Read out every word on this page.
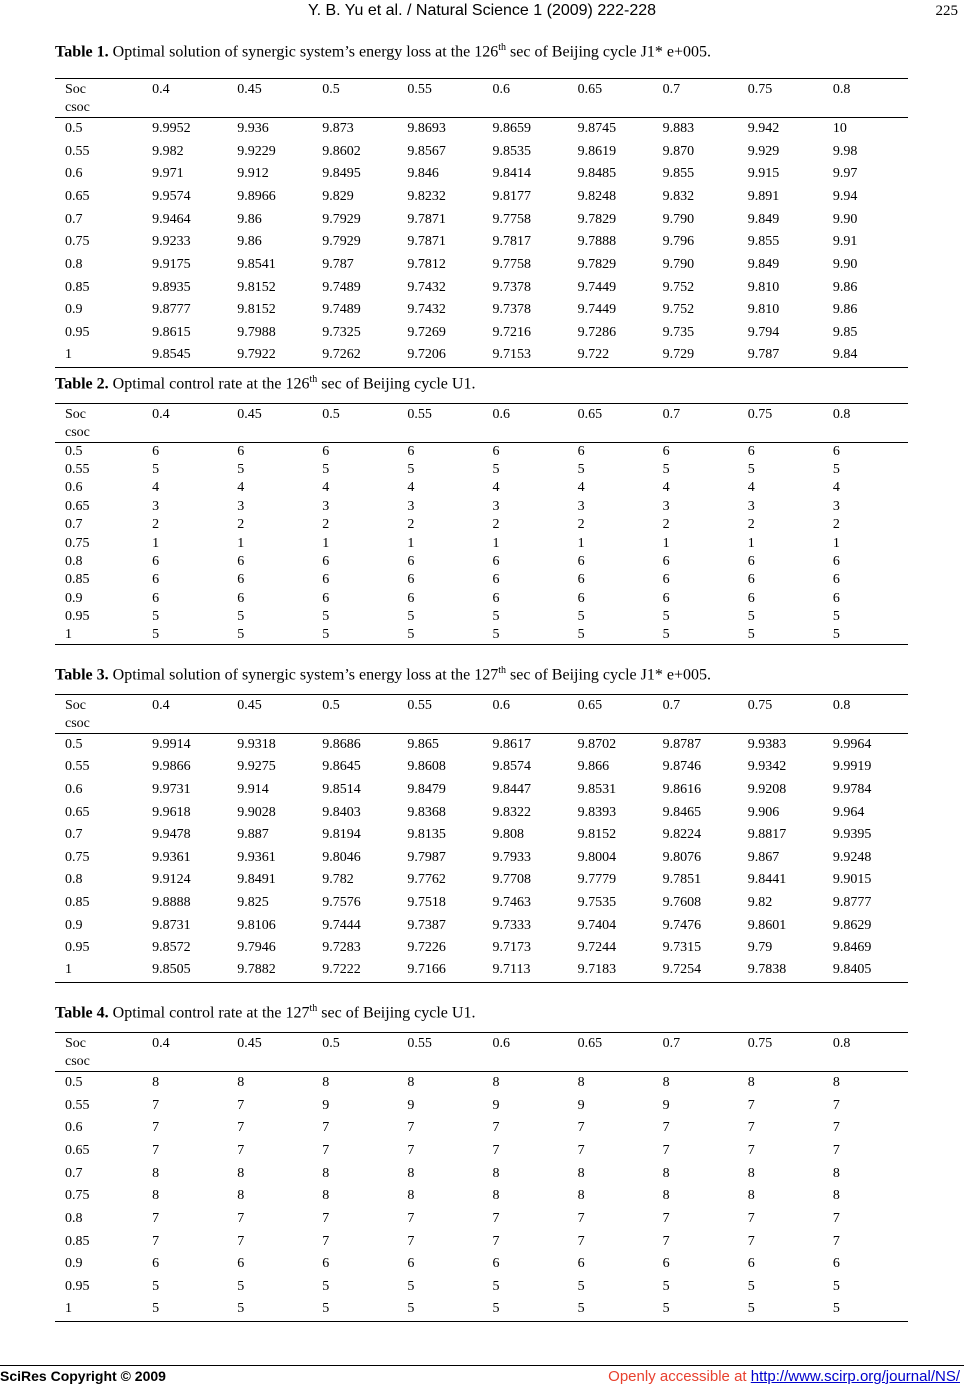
Y. B. Yu et al. / Natural Science 1 (2009) 222-228	225
Table 1. Optimal solution of synergic system’s energy loss at the 126th sec of Beijing cycle J1* e+005.
Soc
csoc	0.4	0.45	0.5	0.55	0.6	0.65	0.7	0.75	0.8
0.5	9.9952	9.936	9.873	9.8693	9.8659	9.8745	9.883	9.942	10
0.55	9.982	9.9229	9.8602	9.8567	9.8535	9.8619	9.870	9.929	9.98
0.6	9.971	9.912	9.8495	9.846	9.8414	9.8485	9.855	9.915	9.97
0.65	9.9574	9.8966	9.829	9.8232	9.8177	9.8248	9.832	9.891	9.94
0.7	9.9464	9.86	9.7929	9.7871	9.7758	9.7829	9.790	9.849	9.90
0.75	9.9233	9.86	9.7929	9.7871	9.7817	9.7888	9.796	9.855	9.91
0.8	9.9175	9.8541	9.787	9.7812	9.7758	9.7829	9.790	9.849	9.90
0.85	9.8935	9.8152	9.7489	9.7432	9.7378	9.7449	9.752	9.810	9.86
0.9	9.8777	9.8152	9.7489	9.7432	9.7378	9.7449	9.752	9.810	9.86
0.95	9.8615	9.7988	9.7325	9.7269	9.7216	9.7286	9.735	9.794	9.85
1	9.8545	9.7922	9.7262	9.7206	9.7153	9.722	9.729	9.787	9.84
Table 2. Optimal control rate at the 126th sec of Beijing cycle U1.
Soc
csoc	0.4	0.45	0.5	0.55	0.6	0.65	0.7	0.75	0.8
0.5	6	6	6	6	6	6	6	6	6
0.55	5	5	5	5	5	5	5	5	5
0.6	4	4	4	4	4	4	4	4	4
0.65	3	3	3	3	3	3	3	3	3
0.7	2	2	2	2	2	2	2	2	2
0.75	1	1	1	1	1	1	1	1	1
0.8	6	6	6	6	6	6	6	6	6
0.85	6	6	6	6	6	6	6	6	6
0.9	6	6	6	6	6	6	6	6	6
0.95	5	5	5	5	5	5	5	5	5
1	5	5	5	5	5	5	5	5	5
Table 3. Optimal solution of synergic system’s energy loss at the 127th sec of Beijing cycle J1* e+005.
Soc
csoc	0.4	0.45	0.5	0.55	0.6	0.65	0.7	0.75	0.8
0.5	9.9914	9.9318	9.8686	9.865	9.8617	9.8702	9.8787	9.9383	9.9964
0.55	9.9866	9.9275	9.8645	9.8608	9.8574	9.866	9.8746	9.9342	9.9919
0.6	9.9731	9.914	9.8514	9.8479	9.8447	9.8531	9.8616	9.9208	9.9784
0.65	9.9618	9.9028	9.8403	9.8368	9.8322	9.8393	9.8465	9.906	9.964
0.7	9.9478	9.887	9.8194	9.8135	9.808	9.8152	9.8224	9.8817	9.9395
0.75	9.9361	9.9361	9.8046	9.7987	9.7933	9.8004	9.8076	9.867	9.9248
0.8	9.9124	9.8491	9.782	9.7762	9.7708	9.7779	9.7851	9.8441	9.9015
0.85	9.8888	9.825	9.7576	9.7518	9.7463	9.7535	9.7608	9.82	9.8777
0.9	9.8731	9.8106	9.7444	9.7387	9.7333	9.7404	9.7476	9.8601	9.8629
0.95	9.8572	9.7946	9.7283	9.7226	9.7173	9.7244	9.7315	9.79	9.8469
1	9.8505	9.7882	9.7222	9.7166	9.7113	9.7183	9.7254	9.7838	9.8405
Table 4. Optimal control rate at the 127th sec of Beijing cycle U1.
Soc
csoc	0.4	0.45	0.5	0.55	0.6	0.65	0.7	0.75	0.8
0.5	8	8	8	8	8	8	8	8	8
0.55	7	7	9	9	9	9	9	7	7
0.6	7	7	7	7	7	7	7	7	7
0.65	7	7	7	7	7	7	7	7	7
0.7	8	8	8	8	8	8	8	8	8
0.75	8	8	8	8	8	8	8	8	8
0.8	7	7	7	7	7	7	7	7	7
0.85	7	7	7	7	7	7	7	7	7
0.9	6	6	6	6	6	6	6	6	6
0.95	5	5	5	5	5	5	5	5	5
1	5	5	5	5	5	5	5	5	5
SciRes Copyright © 2009	Openly accessible at http://www.scirp.org/journal/NS/
